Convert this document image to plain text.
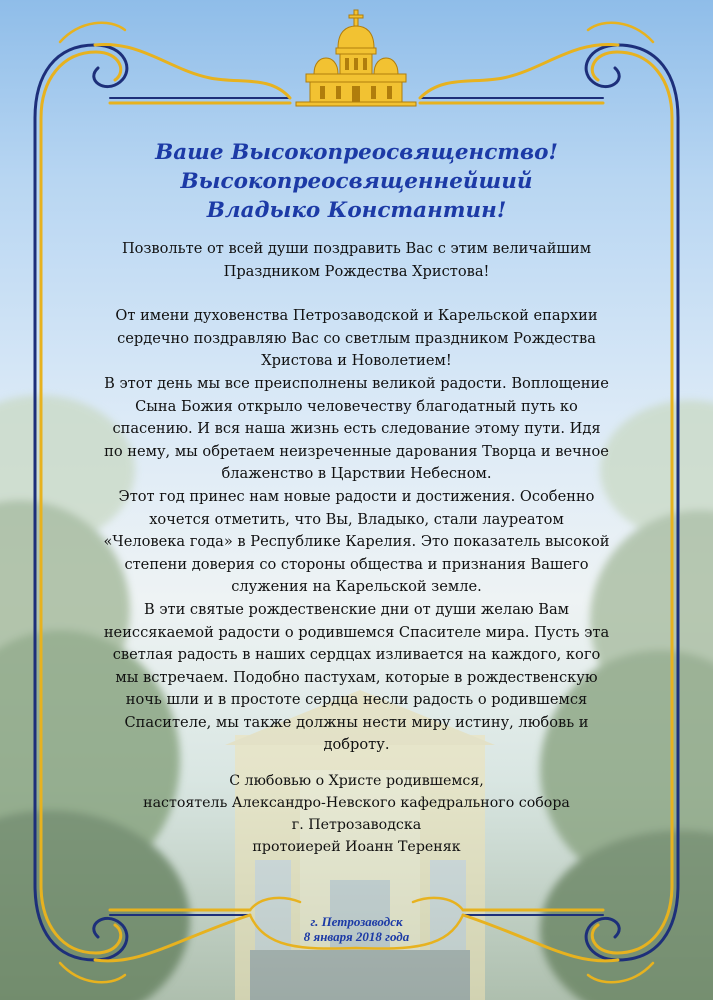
Ваше Высокопреосвященство!
Высокопреосвященнейший
Владыко Константин!
Позвольте от всей души поздравить Вас с этим величайшим
Праздником Рождества Христова!
От имени духовенства Петрозаводской и Карельской епархии
сердечно поздравляю Вас со светлым праздником Рождества
Христова и Новолетием!
В этот день мы все преисполнены великой радости. Воплощение
Сына Божия открыло человечеству благодатный путь ко
спасению. И вся наша жизнь есть следование этому пути. Идя
по нему, мы обретаем неизреченные дарования Творца и вечное
блаженство в Царствии Небесном.
Этот год принес нам новые радости и достижения. Особенно
хочется отметить, что Вы, Владыко, стали лауреатом
«Человека года» в Республике Карелия. Это показатель высокой
степени доверия со стороны общества и признания Вашего
служения на Карельской земле.
В эти святые рождественские дни от души желаю Вам
неиссякаемой радости о родившемся Спасителе мира. Пусть эта
светлая радость в наших сердцах изливается на каждого, кого
мы встречаем. Подобно пастухам, которые в рождественскую
ночь шли и в простоте сердца несли радость о родившемся
Спасителе, мы также должны нести миру истину, любовь и
доброту.
С любовью о Христе родившемся,
настоятель Александро-Невского кафедрального собора
г. Петрозаводска
протоиерей Иоанн Тереняк
г. Петрозаводск
8 января 2018 года
